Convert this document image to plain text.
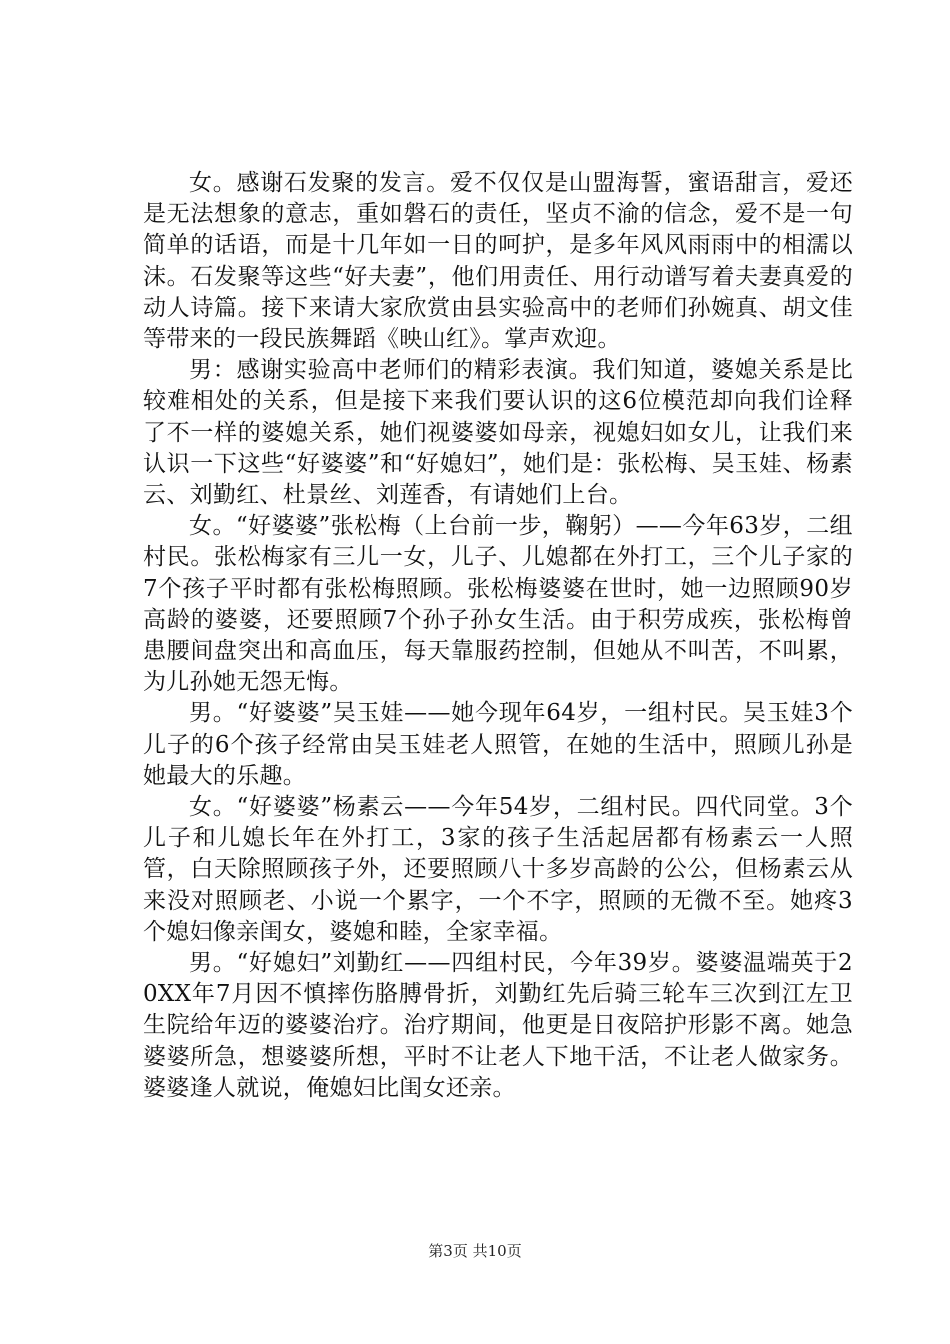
女。感谢石发聚的发言。爱不仅仅是山盟海誓，蜜语甜言，爱还是无法想象的意志，重如磐石的责任，坚贞不渝的信念，爱不是一句简单的话语，而是十几年如一日的呵护，是多年风风雨雨中的相濡以沫。石发聚等这些“好夫妻”，他们用责任、用行动谱写着夫妻真爱的动人诗篇。接下来请大家欣赏由县实验高中的老师们孙婉真、胡文佳等带来的一段民族舞蹈《映山红》。掌声欢迎。

男：感谢实验高中老师们的精彩表演。我们知道，婆媳关系是比较难相处的关系，但是接下来我们要认识的这6位模范却向我们诠释了不一样的婆媳关系，她们视婆婆如母亲，视媳妇如女儿，让我们来认识一下这些“好婆婆”和“好媳妇”，她们是：张松梅、吴玉娃、杨素云、刘勤红、杜景丝、刘莲香，有请她们上台。

女。“好婆婆”张松梅（上台前一步，鞠躬）——今年63岁，二组村民。张松梅家有三儿一女，儿子、儿媳都在外打工，三个儿子家的7个孩子平时都有张松梅照顾。张松梅婆婆在世时，她一边照顾90岁高龄的婆婆，还要照顾7个孙子孙女生活。由于积劳成疾，张松梅曾患腰间盘突出和高血压，每天靠服药控制，但她从不叫苦，不叫累，为儿孙她无怨无悔。

男。“好婆婆”吴玉娃——她今现年64岁，一组村民。吴玉娃3个儿子的6个孩子经常由吴玉娃老人照管，在她的生活中，照顾儿孙是她最大的乐趣。

女。“好婆婆”杨素云——今年54岁，二组村民。四代同堂。3个儿子和儿媳长年在外打工，3家的孩子生活起居都有杨素云一人照管，白天除照顾孩子外，还要照顾八十多岁高龄的公公，但杨素云从来没对照顾老、小说一个累字，一个不字，照顾的无微不至。她疼3个媳妇像亲闺女，婆媳和睦，全家幸福。

男。“好媳妇”刘勤红——四组村民，今年39岁。婆婆温端英于20XX年7月因不慎摔伤胳膊骨折，刘勤红先后骑三轮车三次到江左卫生院给年迈的婆婆治疗。治疗期间，他更是日夜陪护形影不离。她急婆婆所急，想婆婆所想，平时不让老人下地干活，不让老人做家务。婆婆逢人就说，俺媳妇比闺女还亲。

第3页 共10页
